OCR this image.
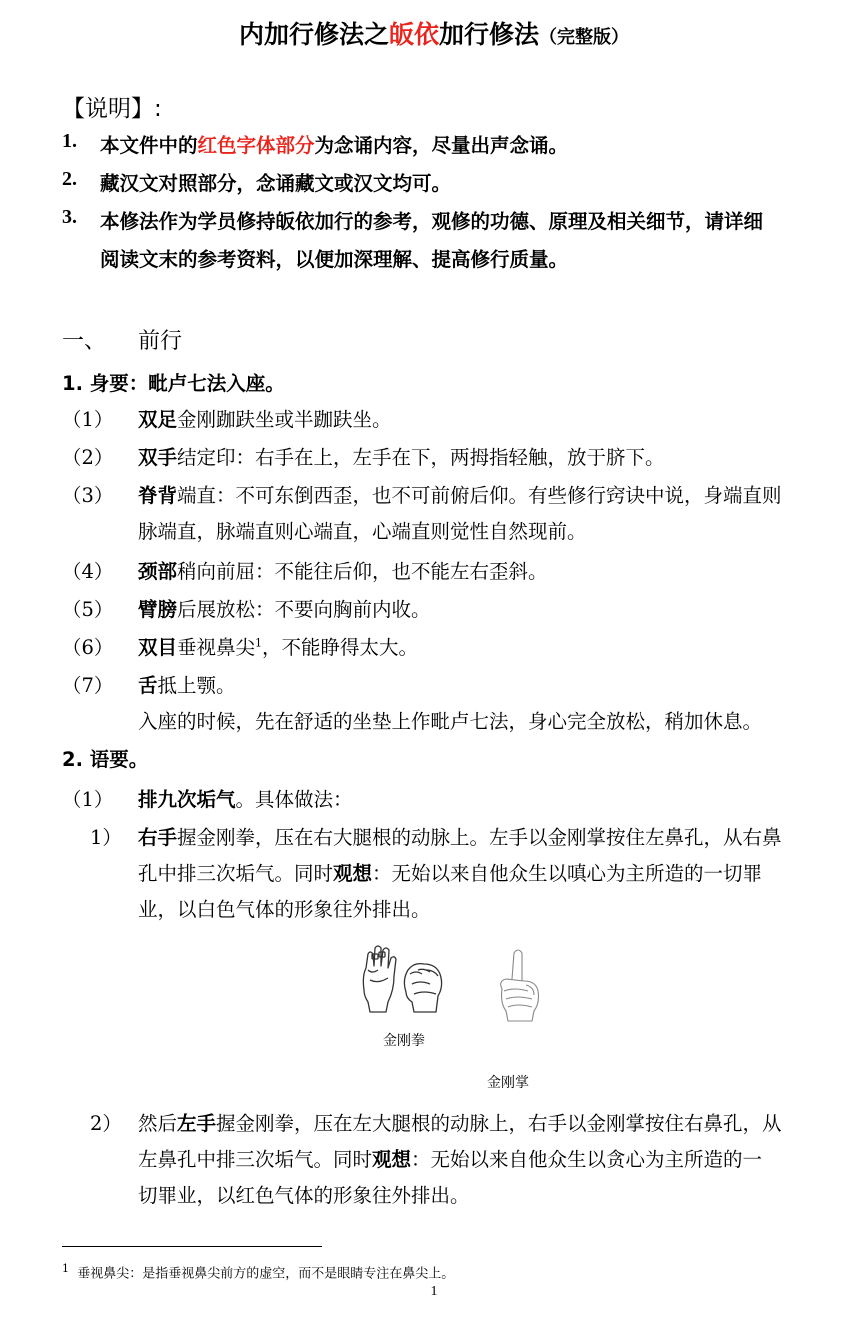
内加行修法之皈依加行修法（完整版）
【说明】:
1. 本文件中的红色字体部分为念诵内容，尽量出声念诵。
2. 藏汉文对照部分，念诵藏文或汉文均可。
3. 本修法作为学员修持皈依加行的参考，观修的功德、原理及相关细节，请详细
阅读文末的参考资料，以便加深理解、提高修行质量。
一、 前行
1. 身要：毗卢七法入座。
（1） 双足金刚跏趺坐或半跏趺坐。
（2） 双手结定印：右手在上，左手在下，两拇指轻触，放于脐下。
（3） 脊背端直：不可东倒西歪，也不可前俯后仰。有些修行窍诀中说，身端直则
脉端直，脉端直则心端直，心端直则觉性自然现前。
（4） 颈部稍向前屈：不能往后仰，也不能左右歪斜。
（5） 臂膀后展放松：不要向胸前内收。
（6） 双目垂视鼻尖$^1$，不能睁得太大。
（7） 舌抵上颚。
入座的时候，先在舒适的坐垫上作毗卢七法，身心完全放松，稍加休息。
2. 语要。
（1） 排九次垢气。具体做法：
1） 右手握金刚拳，压在右大腿根的动脉上。左手以金刚掌按住左鼻孔，从右鼻
孔中排三次垢气。同时观想：无始以来自他众生以嗔心为主所造的一切罪
业，以白色气体的形象往外排出。
金刚拳
金刚掌
2） 然后左手握金刚拳，压在左大腿根的动脉上，右手以金刚掌按住右鼻孔，从
左鼻孔中排三次垢气。同时观想：无始以来自他众生以贪心为主所造的一
切罪业，以红色气体的形象往外排出。
$^1$ 垂视鼻尖：是指垂视鼻尖前方的虚空，而不是眼睛专注在鼻尖上。
1
